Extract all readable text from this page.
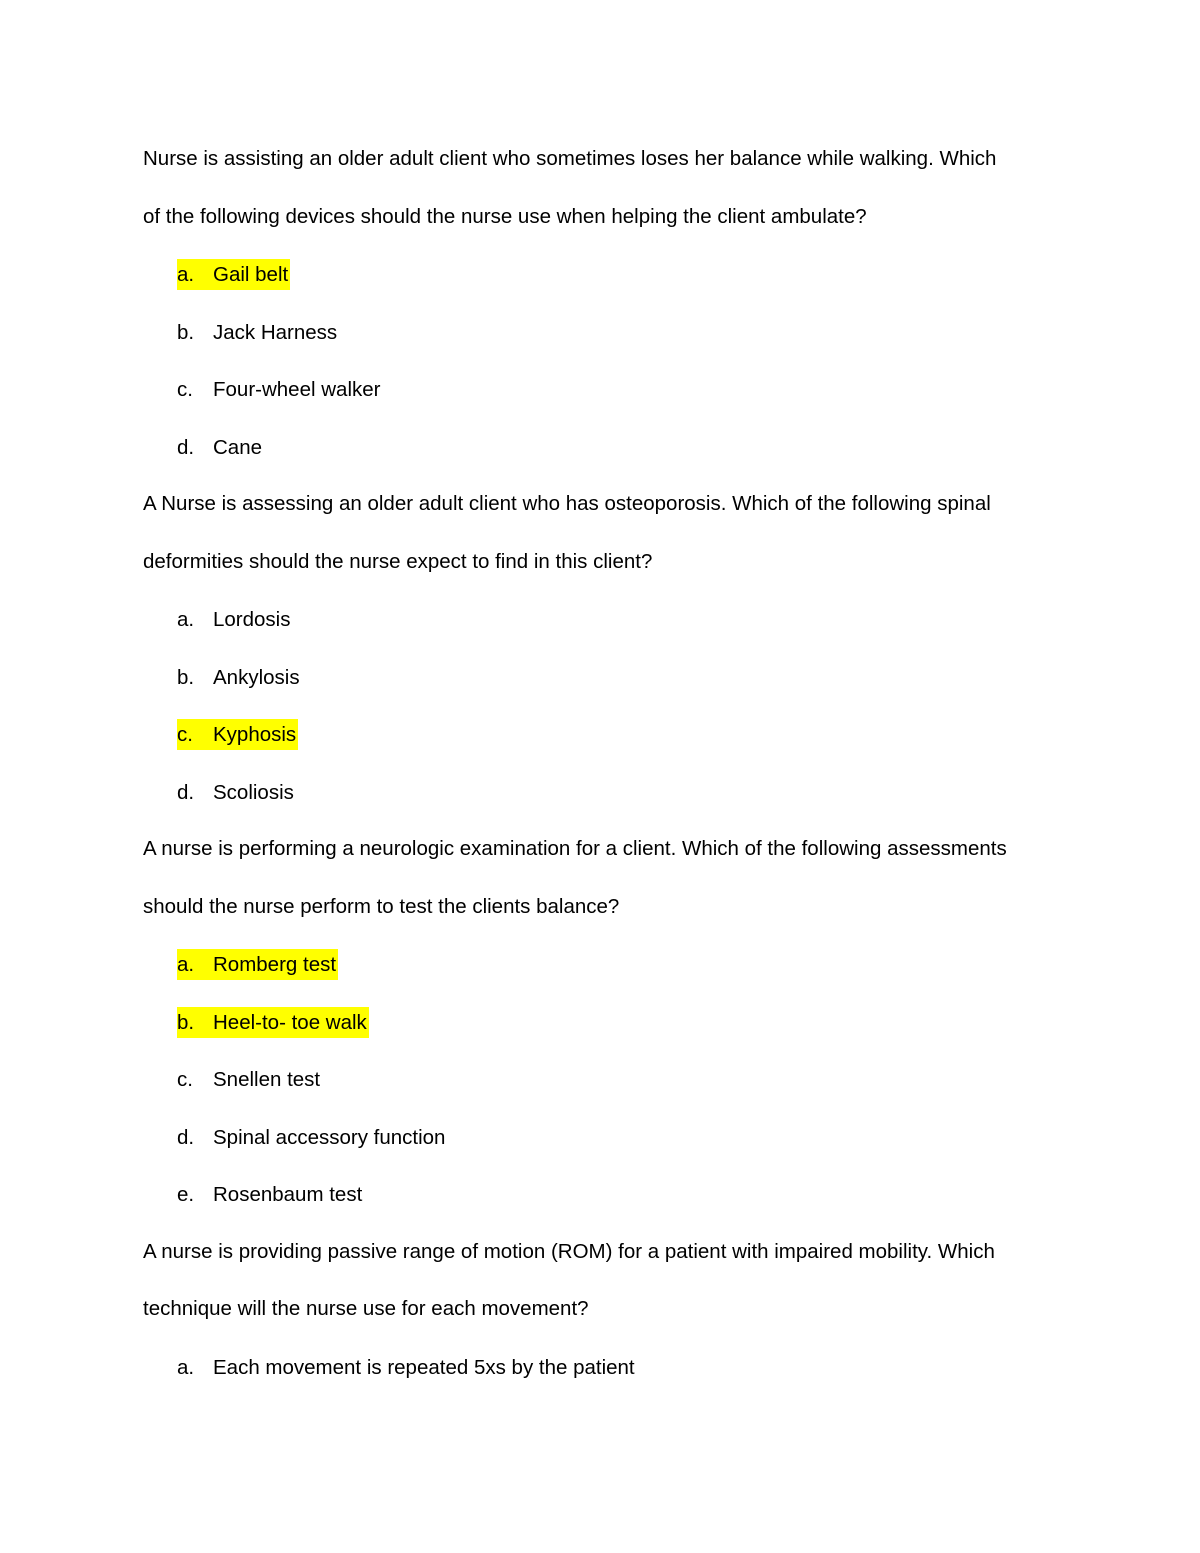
Nurse is assisting an older adult client who sometimes loses her balance while walking. Which
of the following devices should the nurse use when helping the client ambulate?
a. Gail belt
b. Jack Harness
c. Four-wheel walker
d. Cane
A Nurse is assessing an older adult client who has osteoporosis. Which of the following spinal
deformities should the nurse expect to find in this client?
a. Lordosis
b. Ankylosis
c. Kyphosis
d. Scoliosis
A nurse is performing a neurologic examination for a client. Which of the following assessments
should the nurse perform to test the clients balance?
a. Romberg test
b. Heel-to- toe walk
c. Snellen test
d. Spinal accessory function
e. Rosenbaum test
A nurse is providing passive range of motion (ROM) for a patient with impaired mobility. Which
technique will the nurse use for each movement?
a. Each movement is repeated 5xs by the patient
